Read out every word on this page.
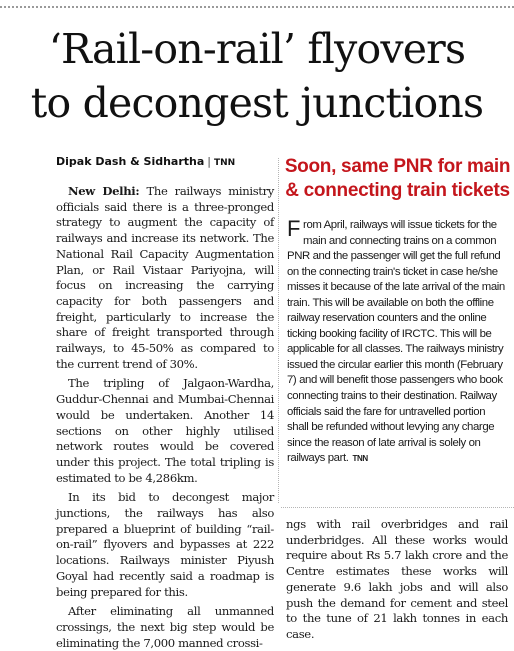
‘Rail-on-rail’ flyovers
to decongest junctions
Dipak Dash & Sidhartha | TNN

New Delhi: The railways ministry officials said there is a three-pronged strategy to augment the capacity of railways and increase its network. The National Rail Capacity Augmentation Plan, or Rail Vistaar Pariyojna, will focus on increasing the carrying capacity for both passengers and freight, particularly to increase the share of freight transported through railways, to 45-50% as compared to the current trend of 30%.

The tripling of Jalgaon-Wardha, Guddur-Chennai and Mumbai-Chennai would be undertaken. Another 14 sections on other highly utilised network routes would be covered under this project. The total tripling is estimated to be 4,286km.

In its bid to decongest major junctions, the railways has also prepared a blueprint of building “rail-on-rail” flyovers and bypasses at 222 locations. Railways minister Piyush Goyal had recently said a roadmap is being prepared for this.

After eliminating all unmanned crossings, the next big step would be eliminating the 7,000 manned crossi-

Soon, same PNR for main
& connecting train tickets

From April, railways will issue tickets for the main and connecting trains on a common PNR and the passenger will get the full refund on the connecting train's ticket in case he/she misses it because of the late arrival of the main train. This will be available on both the offline railway reservation counters and the online ticking booking facility of IRCTC. This will be applicable for all classes. The railways ministry issued the circular earlier this month (February 7) and will benefit those passengers who book connecting trains to their destination. Railway officials said the fare for untravelled portion shall be refunded without levying any charge since the reason of late arrival is solely on railways part. TNN

ngs with rail overbridges and rail underbridges. All these works would require about Rs 5.7 lakh crore and the Centre estimates these works will generate 9.6 lakh jobs and will also push the demand for cement and steel to the tune of 21 lakh tonnes in each case.
